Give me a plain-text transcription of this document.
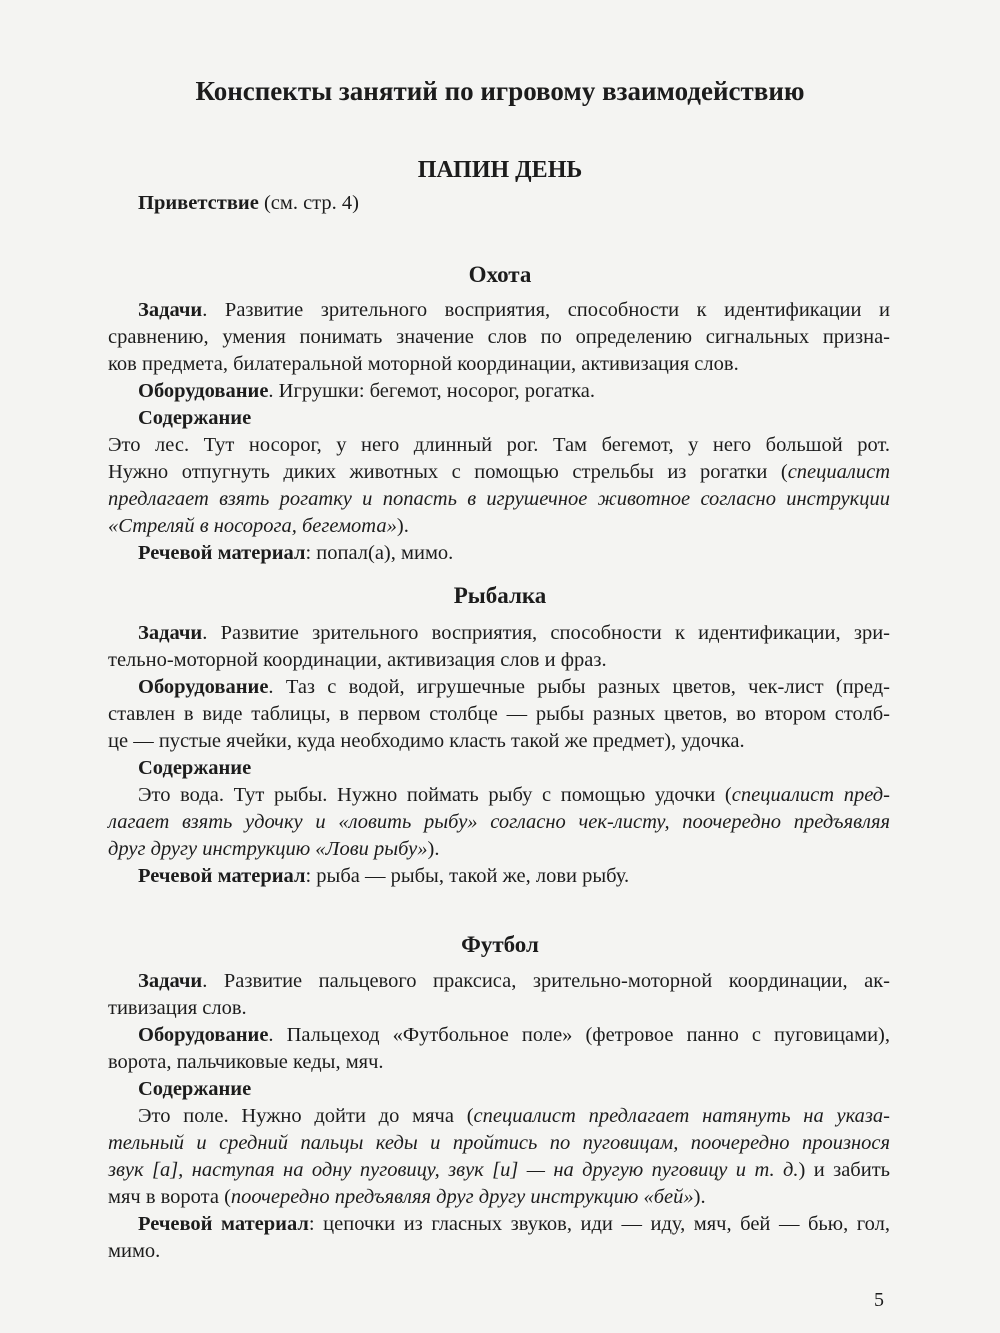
Конспекты занятий по игровому взаимодействию
ПАПИН ДЕНЬ
Приветствие (см. стр. 4)
Охота
Задачи. Развитие зрительного восприятия, способности к идентификации и
сравнению, умения понимать значение слов по определению сигнальных призна-
ков предмета, билатеральной моторной координации, активизация слов.
Оборудование. Игрушки: бегемот, носорог, рогатка.
Содержание
Это лес. Тут носорог, у него длинный рог. Там бегемот, у него большой рот.
Нужно отпугнуть диких животных с помощью стрельбы из рогатки (специалист
предлагает взять рогатку и попасть в игрушечное животное согласно инструкции
«Стреляй в носорога, бегемота»).
Речевой материал: попал(а), мимо.
Рыбалка
Задачи. Развитие зрительного восприятия, способности к идентификации, зри-
тельно-моторной координации, активизация слов и фраз.
Оборудование. Таз с водой, игрушечные рыбы разных цветов, чек-лист (пред-
ставлен в виде таблицы, в первом столбце — рыбы разных цветов, во втором столб-
це — пустые ячейки, куда необходимо класть такой же предмет), удочка.
Содержание
Это вода. Тут рыбы. Нужно поймать рыбу с помощью удочки (специалист пред-
лагает взять удочку и «ловить рыбу» согласно чек-листу, поочередно предъявляя
друг другу инструкцию «Лови рыбу»).
Речевой материал: рыба — рыбы, такой же, лови рыбу.
Футбол
Задачи. Развитие пальцевого праксиса, зрительно-моторной координации, ак-
тивизация слов.
Оборудование. Пальцеход «Футбольное поле» (фетровое панно с пуговицами),
ворота, пальчиковые кеды, мяч.
Содержание
Это поле. Нужно дойти до мяча (специалист предлагает натянуть на указа-
тельный и средний пальцы кеды и пройтись по пуговицам, поочередно произнося
звук [а], наступая на одну пуговицу, звук [и] — на другую пуговицу и т. д.) и забить
мяч в ворота (поочередно предъявляя друг другу инструкцию «бей»).
Речевой материал: цепочки из гласных звуков, иди — иду, мяч, бей — бью, гол,
мимо.
5
